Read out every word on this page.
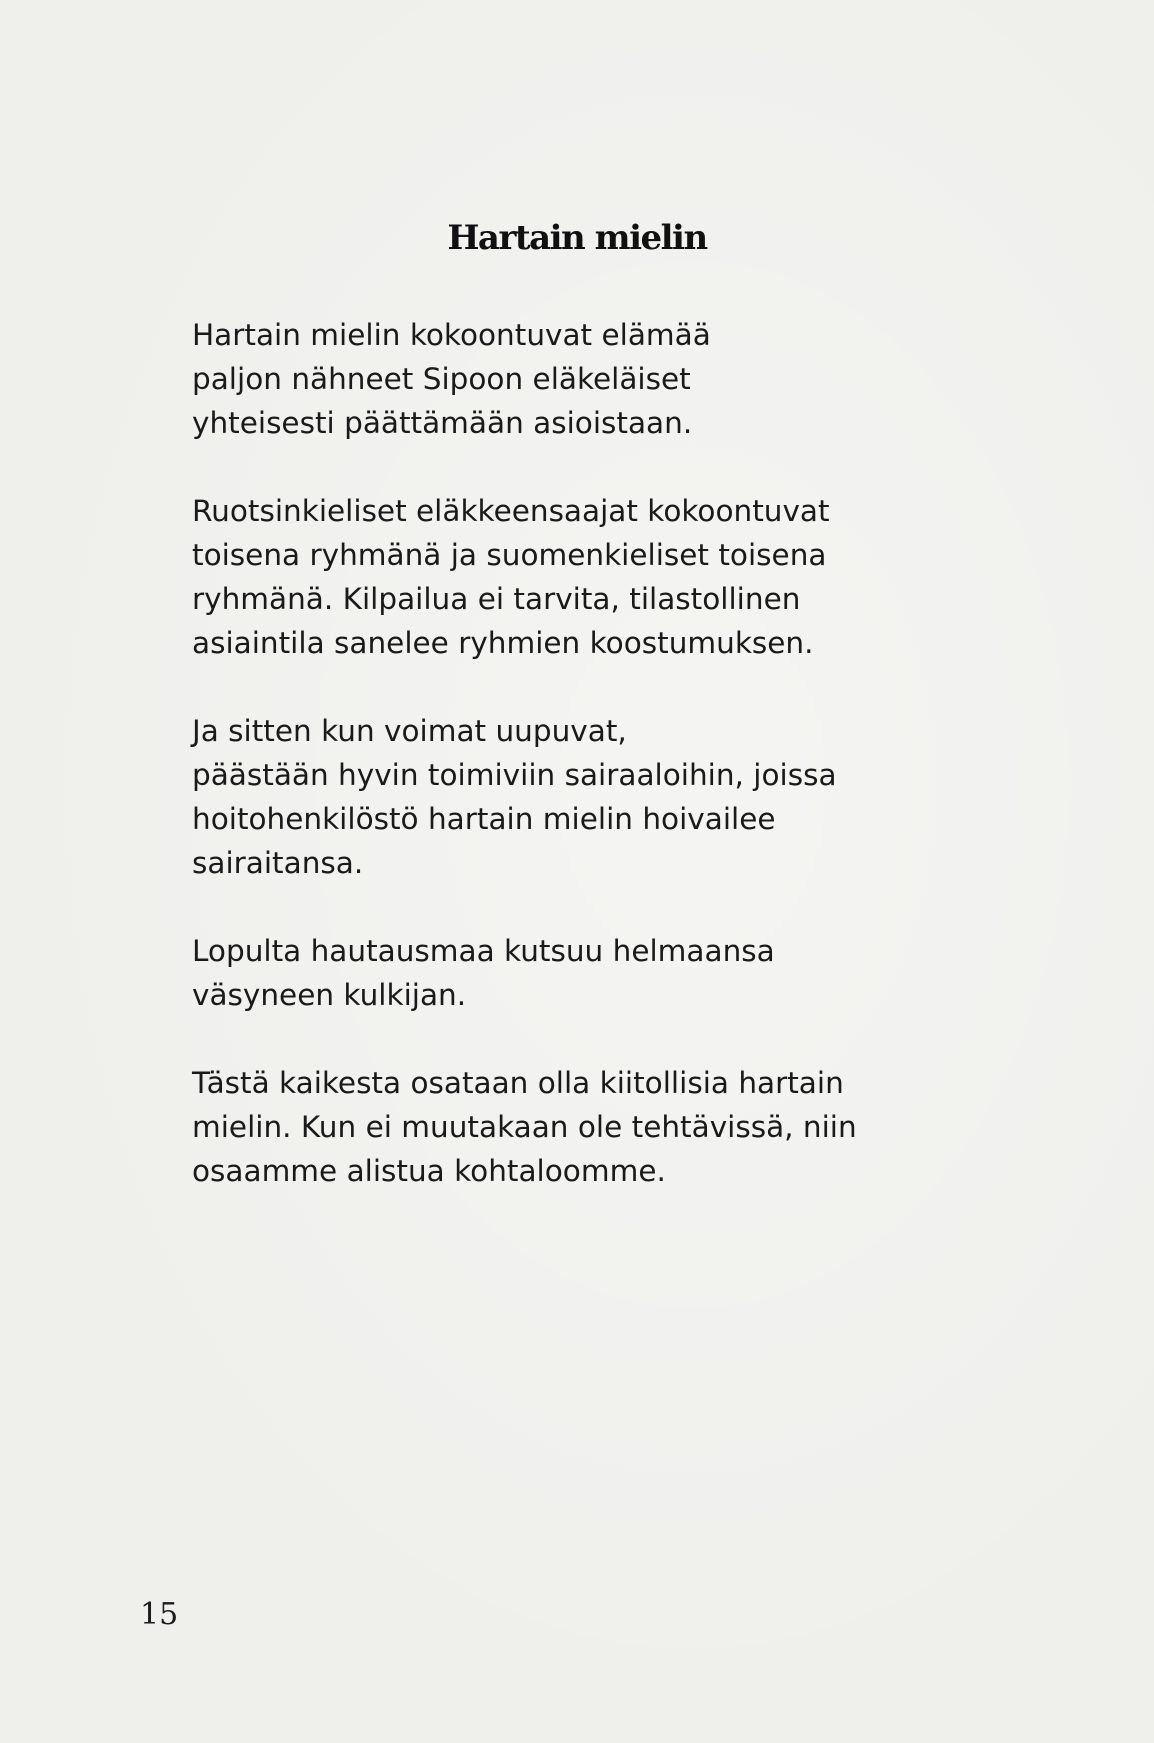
Hartain mielin

Hartain mielin kokoontuvat elämää
paljon nähneet Sipoon eläkeläiset
yhteisesti päättämään asioistaan.

Ruotsinkieliset eläkkeensaajat kokoontuvat
toisena ryhmänä ja suomenkieliset toisena
ryhmänä. Kilpailua ei tarvita, tilastollinen
asiaintila sanelee ryhmien koostumuksen.

Ja sitten kun voimat uupuvat,
päästään hyvin toimiviin sairaaloihin, joissa
hoitohenkilöstö hartain mielin hoivailee
sairaitansa.

Lopulta hautausmaa kutsuu helmaansa
väsyneen kulkijan.

Tästä kaikesta osataan olla kiitollisia hartain
mielin. Kun ei muutakaan ole tehtävissä, niin
osaamme alistua kohtaloomme.

15
